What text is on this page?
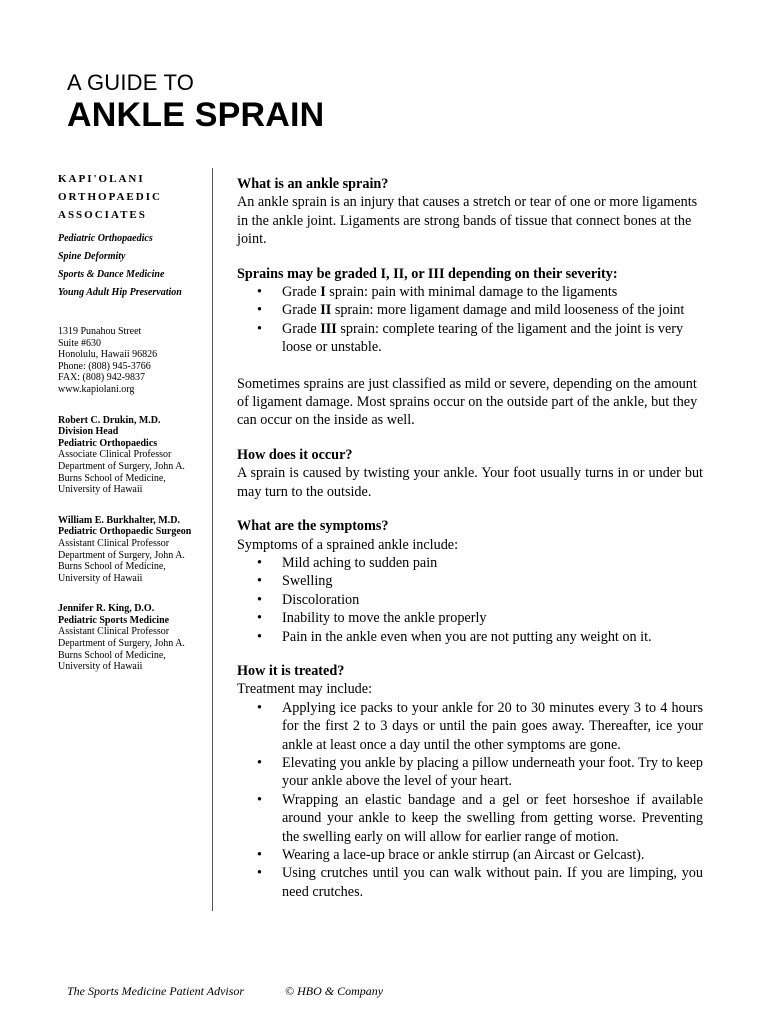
A GUIDE TO
ANKLE SPRAIN
KAPI'OLANI
ORTHOPAEDIC
ASSOCIATES
Pediatric Orthopaedics
Spine Deformity
Sports & Dance Medicine
Young Adult Hip Preservation
1319 Punahou Street
Suite #630
Honolulu, Hawaii 96826
Phone: (808) 945-3766
FAX: (808) 942-9837
www.kapiolani.org
Robert C. Drukin, M.D.
Division Head
Pediatric Orthopaedics
Associate Clinical Professor
Department of Surgery, John A.
Burns School of Medicine,
University of Hawaii
William E. Burkhalter, M.D.
Pediatric Orthopaedic Surgeon
Assistant Clinical Professor
Department of Surgery, John A.
Burns School of Medicine,
University of Hawaii
Jennifer R. King, D.O.
Pediatric Sports Medicine
Assistant Clinical Professor
Department of Surgery, John A.
Burns School of Medicine,
University of Hawaii
What is an ankle sprain?

An ankle sprain is an injury that causes a stretch or tear of one or more ligaments in the ankle joint. Ligaments are strong bands of tissue that connect bones at the joint.

Sprains may be graded I, II, or III depending on their severity:
• Grade I sprain: pain with minimal damage to the ligaments
• Grade II sprain: more ligament damage and mild looseness of the joint
• Grade III sprain: complete tearing of the ligament and the joint is very loose or unstable.

Sometimes sprains are just classified as mild or severe, depending on the amount of ligament damage. Most sprains occur on the outside part of the ankle, but they can occur on the inside as well.

How does it occur?

A sprain is caused by twisting your ankle. Your foot usually turns in or under but may turn to the outside.

What are the symptoms?

Symptoms of a sprained ankle include:

• Mild aching to sudden pain
• Swelling
• Discoloration
• Inability to move the ankle properly
• Pain in the ankle even when you are not putting any weight on it.
How it is treated?

Treatment may include:

• Applying ice packs to your ankle for 20 to 30 minutes every 3 to 4 hours for the first 2 to 3 days or until the pain goes away. Thereafter, ice your ankle at least once a day until the other symptoms are gone.
• Elevating you ankle by placing a pillow underneath your foot. Try to keep your ankle above the level of your heart.
• Wrapping an elastic bandage and a gel or feet horseshoe if available around your ankle to keep the swelling from getting worse. Preventing the swelling early on will allow for earlier range of motion.
• Wearing a lace-up brace or ankle stirrup (an Aircast or Gelcast).
• Using crutches until you can walk without pain. If you are limping, you need crutches.
The Sports Medicine Patient Advisor	© HBO & Company
